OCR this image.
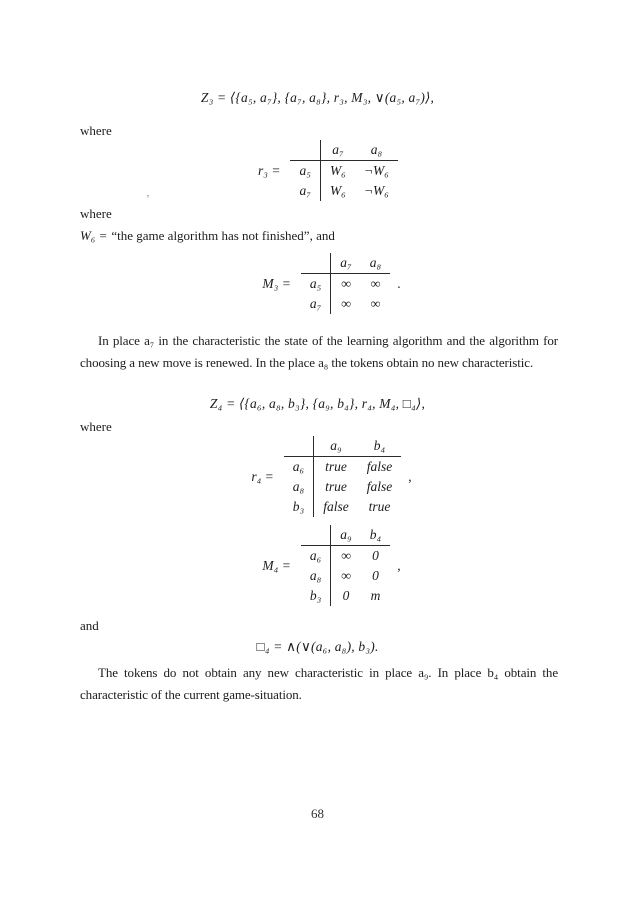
Z₃ = ⟨{a₅, a₇}, {a₇, a₈}, r₃, M₃, ∨(a₅, a₇)⟩,
where
r₃ =
	a₇	a₈
a₅	W₆	¬W₆
a₇	W₆	¬W₆
where
’
W₆ = “the game algorithm has not finished”, and
M₃ =
	a₇	a₈
a₅	∞	∞
a₇	∞	∞
.
In place a₇ in the characteristic the state of the learning algorithm and the algorithm for choosing a new move is renewed. In the place a₈ the tokens obtain no new characteristic.
Z₄ = ⟨{a₆, a₈, b₃}, {a₉, b₄}, r₄, M₄, □₄⟩,
where
r₄ =
	a₉	b₄
a₆	true	false
a₈	true	false
b₃	false	true
,
M₄ =
	a₉	b₄
a₆	∞	0
a₈	∞	0
b₃	0	m
,
and
□₄ = ∧(∨(a₆, a₈), b₃).
The tokens do not obtain any new characteristic in place a₉. In place b₄ obtain the characteristic of the current game-situation.
68
